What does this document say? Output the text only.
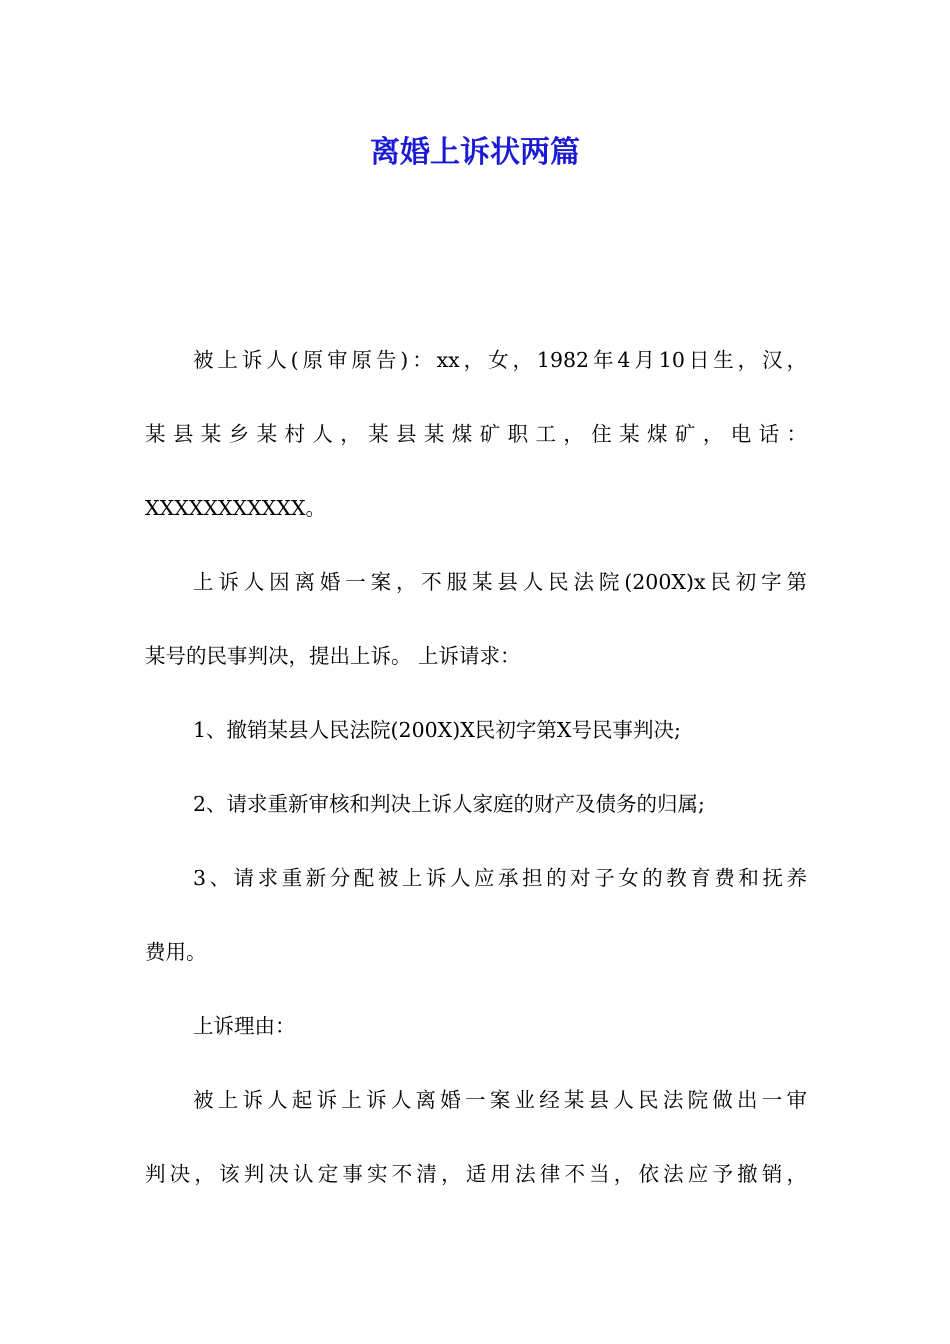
离婚上诉状两篇

被上诉人(原审原告)：xx，女，1982年4月10日生，汉，

某县某乡某村人，某县某煤矿职工，住某煤矿，电话：

XXXXXXXXXXX。

上诉人因离婚一案，不服某县人民法院(200X)x民初字第

某号的民事判决，提出上诉。 上诉请求：

1、撤销某县人民法院(200X)X民初字第X号民事判决;

2、请求重新审核和判决上诉人家庭的财产及债务的归属;

3、请求重新分配被上诉人应承担的对子女的教育费和抚养

费用。

上诉理由：

被上诉人起诉上诉人离婚一案业经某县人民法院做出一审

判决，该判决认定事实不清，适用法律不当，依法应予撤销，
